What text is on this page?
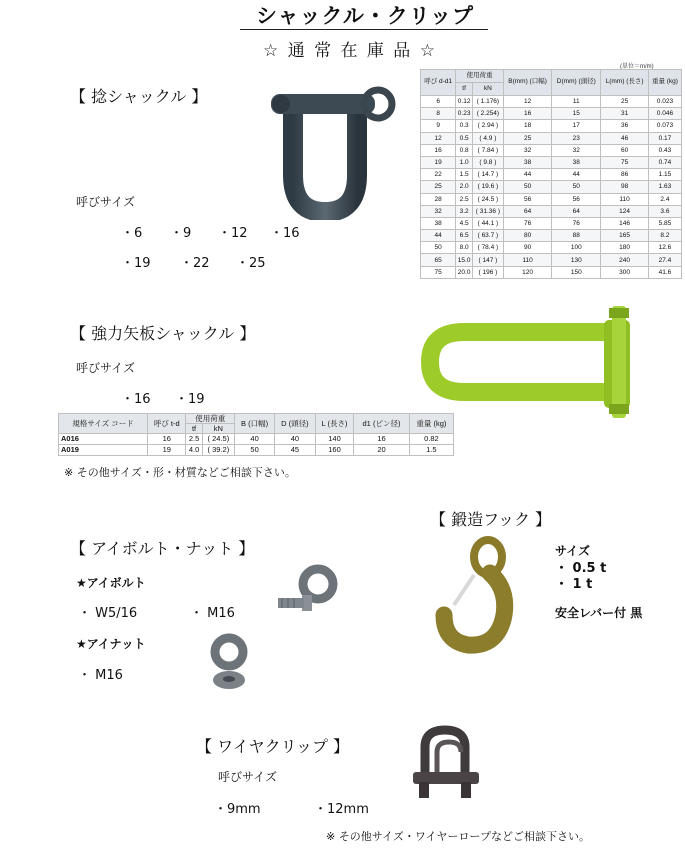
シャックル・クリップ
☆ 通 常 在 庫 品 ☆
【 捻シャックル 】
呼びサイズ
・6 ・9 ・12 ・16
・19 ・22 ・25
(単位＝m/m)
呼び d-d1	使用荷重		B(mm) (口幅)	D(mm) (頭径)	L(mm) (長さ)	重量 (kg)
	tf	kN				
6	0.12	( 1.176)	12	11	25	0.023
8	0.23	( 2.254)	16	15	31	0.046
9	0.3	( 2.94 )	18	17	36	0.073
12	0.5	( 4.9 )	25	23	46	0.17
16	0.8	( 7.84 )	32	32	60	0.43
19	1.0	( 9.8 )	38	38	75	0.74
22	1.5	( 14.7 )	44	44	86	1.15
25	2.0	( 19.6 )	50	50	98	1.63
28	2.5	( 24.5 )	56	56	110	2.4
32	3.2	( 31.36 )	64	64	124	3.6
38	4.5	( 44.1 )	76	76	146	5.85
44	6.5	( 63.7 )	80	88	165	8.2
50	8.0	( 78.4 )	90	100	180	12.6
65	15.0	( 147 )	110	130	240	27.4
75	20.0	( 196 )	120	150	300	41.6
【 強力矢板シャックル 】
呼びサイズ
・16 ・19
規格サイズ コード	呼び t-d	使用荷重		B (口幅)	D (頭径)	L (長さ)	d1 (ピン径)	重量 (kg)
		tf	kN					
A016	16	2.5	( 24.5)	40	40	140	16	0.82
A019	19	4.0	( 39.2)	50	45	160	20	1.5
※ その他サイズ・形・材質などご相談下さい。
【 アイボルト・ナット 】
★アイボルト
・ W5/16	・ M16
★アイナット
・ M16
【 鍛造フック 】
サイズ
・ 0.5 t
・ 1 t
安全レバー付 黒
【 ワイヤクリップ 】
呼びサイズ
・9mm	・12mm
※ その他サイズ・ワイヤーロープなどご相談下さい。
